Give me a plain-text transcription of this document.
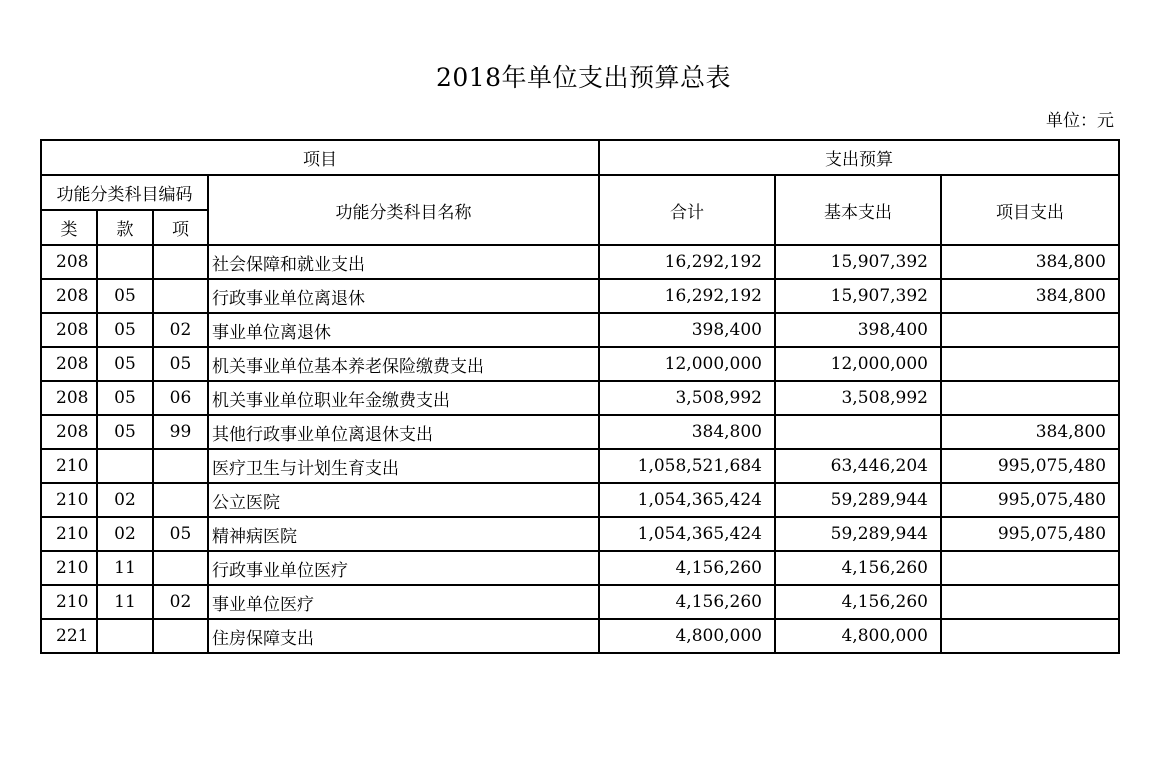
2018年单位支出预算总表
单位：元
项目				支出预算		
功能分类科目编码			功能分类科目名称	合计	基本支出	项目支出
类	款	项				
208			社会保障和就业支出	16,292,192	15,907,392	384,800
208	05		行政事业单位离退休	16,292,192	15,907,392	384,800
208	05	02	事业单位离退休	398,400	398,400	
208	05	05	机关事业单位基本养老保险缴费支出	12,000,000	12,000,000	
208	05	06	机关事业单位职业年金缴费支出	3,508,992	3,508,992	
208	05	99	其他行政事业单位离退休支出	384,800		384,800
210			医疗卫生与计划生育支出	1,058,521,684	63,446,204	995,075,480
210	02		公立医院	1,054,365,424	59,289,944	995,075,480
210	02	05	精神病医院	1,054,365,424	59,289,944	995,075,480
210	11		行政事业单位医疗	4,156,260	4,156,260	
210	11	02	事业单位医疗	4,156,260	4,156,260	
221			住房保障支出	4,800,000	4,800,000	
